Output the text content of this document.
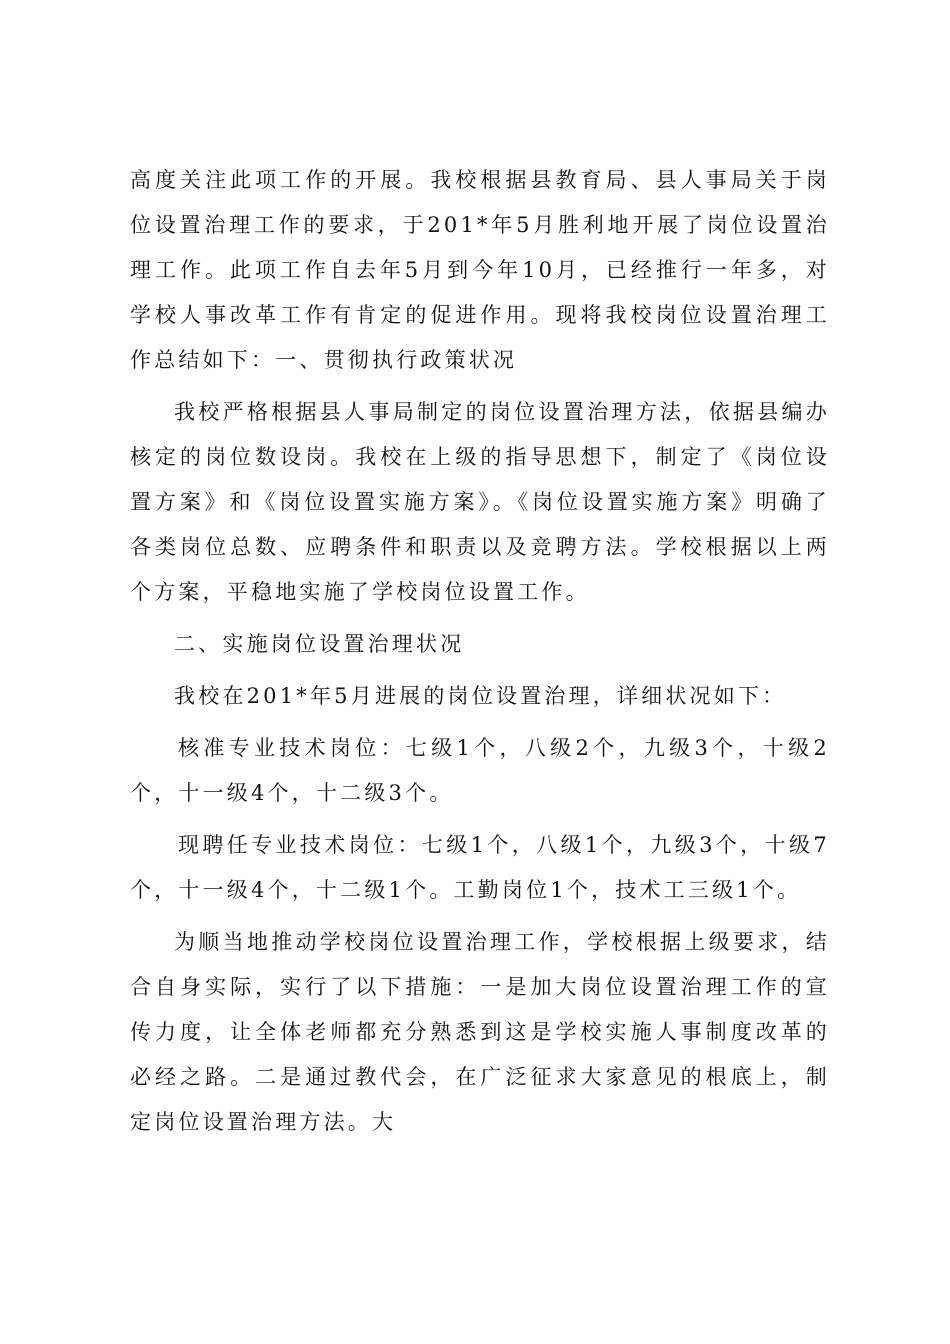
高度关注此项工作的开展。我校根据县教育局、县人事局关于岗位设置治理工作的要求，于201*年5月胜利地开展了岗位设置治理工作。此项工作自去年5月到今年10月，已经推行一年多，对学校人事改革工作有肯定的促进作用。现将我校岗位设置治理工作总结如下：一、贯彻执行政策状况

我校严格根据县人事局制定的岗位设置治理方法，依据县编办核定的岗位数设岗。我校在上级的指导思想下，制定了《岗位设置方案》和《岗位设置实施方案》。《岗位设置实施方案》明确了各类岗位总数、应聘条件和职责以及竞聘方法。学校根据以上两个方案，平稳地实施了学校岗位设置工作。

二、实施岗位设置治理状况

我校在201*年5月进展的岗位设置治理，详细状况如下：

核准专业技术岗位：七级1个，八级2个，九级3个，十级2个，十一级4个，十二级3个。

现聘任专业技术岗位：七级1个，八级1个，九级3个，十级7个，十一级4个，十二级1个。工勤岗位1个，技术工三级1个。

为顺当地推动学校岗位设置治理工作，学校根据上级要求，结合自身实际，实行了以下措施：一是加大岗位设置治理工作的宣传力度，让全体老师都充分熟悉到这是学校实施人事制度改革的必经之路。二是通过教代会，在广泛征求大家意见的根底上，制定岗位设置治理方法。大
